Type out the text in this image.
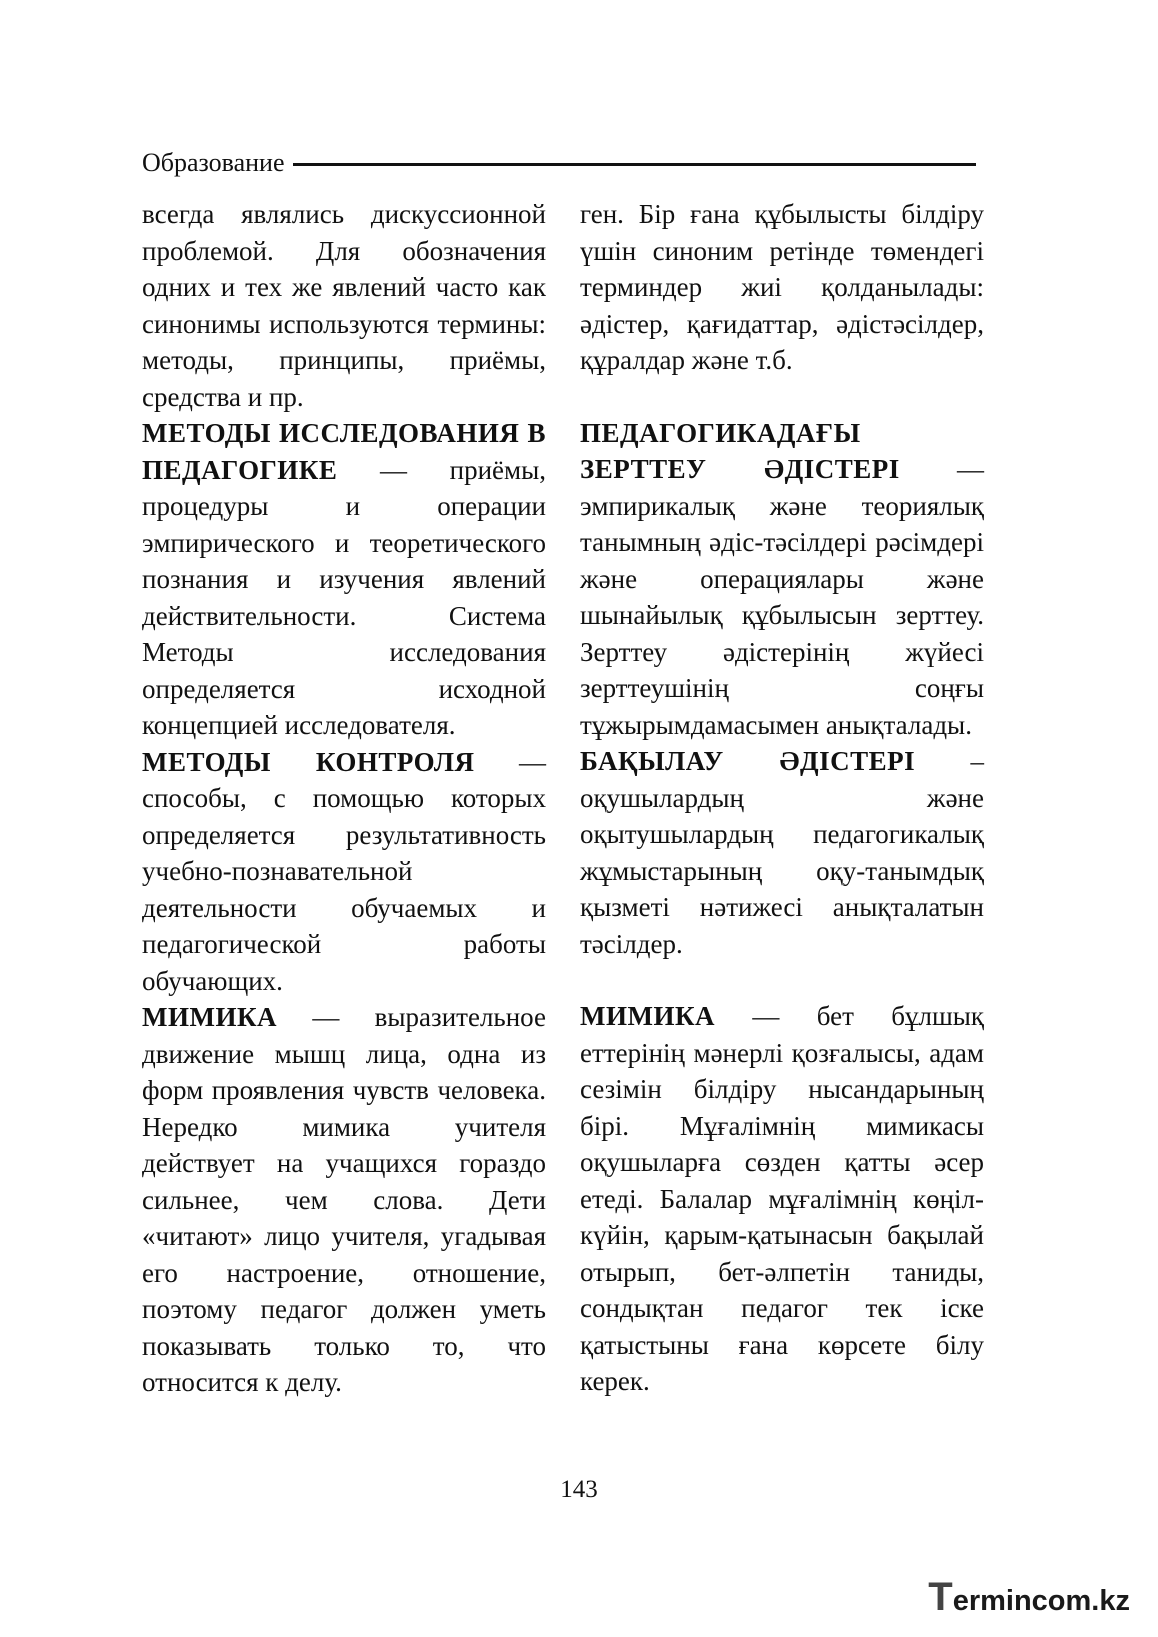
Образование

всегда являлись дискуссионной проблемой. Для обозначения одних и тех же явлений часто как синонимы используются термины: методы, принципы, приёмы, средства и пр.

МЕТОДЫ ИССЛЕДОВАНИЯ В ПЕДАГОГИКЕ — приёмы, процедуры и операции эмпирического и теоретического познания и изучения явлений действительности. Система Методы исследования определяется исходной концепцией исследователя.

МЕТОДЫ КОНТРОЛЯ — способы, с помощью которых определяется результативность учебно-познавательной деятельности обучаемых и педагогической работы обучающих.

МИМИКА — выразительное движение мышц лица, одна из форм проявления чувств человека. Нередко мимика учителя действует на учащихся гораздо сильнее, чем слова. Дети «читают» лицо учителя, угадывая его настроение, отношение, поэтому педагог должен уметь показывать только то, что относится к делу.

ген. Бір ғана құбылысты білдіру үшін синоним ретінде төмендегі терминдер жиі қолданылады: әдістер, қағидаттар, әдістәсілдер, құралдар және т.б.

ПЕДАГОГИКАДАҒЫ ЗЕРТТЕУ ӘДІСТЕРІ — эмпирикалық және теориялық танымның әдіс-тәсілдері рәсімдері және операциялары және шынайылық құбылысын зерттеу. Зерттеу әдістерінің жүйесі зерттеушінің соңғы тұжырымдамасымен анықталады.

БАҚЫЛАУ ӘДІСТЕРІ – оқушылардың және оқытушылардың педагогикалық жұмыстарының оқу-танымдық қызметі нәтижесі анықталатын тәсілдер.

МИМИКА — бет бұлшық еттерінің мәнерлі қозғалысы, адам сезімін білдіру нысандарының бірі. Мұғалімнің мимикасы оқушыларға сөзден қатты әсер етеді. Балалар мұғалімнің көңіл-күйін, қарым-қатынасын бақылай отырып, бет-әлпетін таниды, сондықтан педагог тек іске қатыстыны ғана көрсете білу керек.

143
T ermincom.kz
